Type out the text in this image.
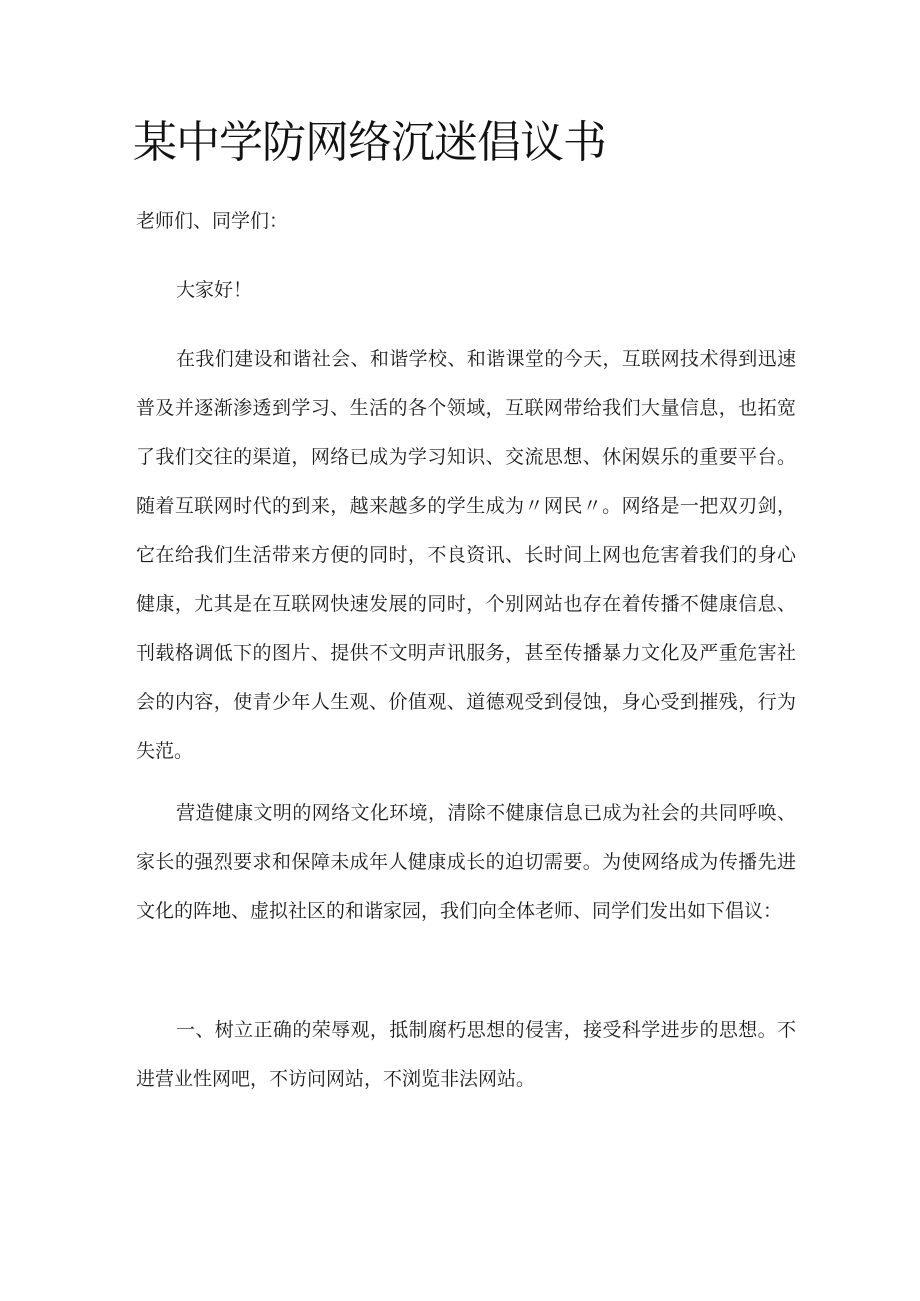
某中学防网络沉迷倡议书

老师们、同学们：

大家好！

在我们建设和谐社会、和谐学校、和谐课堂的今天，互联网技术得到迅速普及并逐渐渗透到学习、生活的各个领域，互联网带给我们大量信息，也拓宽了我们交往的渠道，网络已成为学习知识、交流思想、休闲娱乐的重要平台。随着互联网时代的到来，越来越多的学生成为〃网民〃。网络是一把双刃剑，它在给我们生活带来方便的同时，不良资讯、长时间上网也危害着我们的身心健康，尤其是在互联网快速发展的同时，个别网站也存在着传播不健康信息、刊载格调低下的图片、提供不文明声讯服务，甚至传播暴力文化及严重危害社会的内容，使青少年人生观、价值观、道德观受到侵蚀，身心受到摧残，行为失范。

营造健康文明的网络文化环境，清除不健康信息已成为社会的共同呼唤、家长的强烈要求和保障未成年人健康成长的迫切需要。为使网络成为传播先进文化的阵地、虚拟社区的和谐家园，我们向全体老师、同学们发出如下倡议：

一、树立正确的荣辱观，抵制腐朽思想的侵害，接受科学进步的思想。不进营业性网吧，不访问网站，不浏览非法网站。
